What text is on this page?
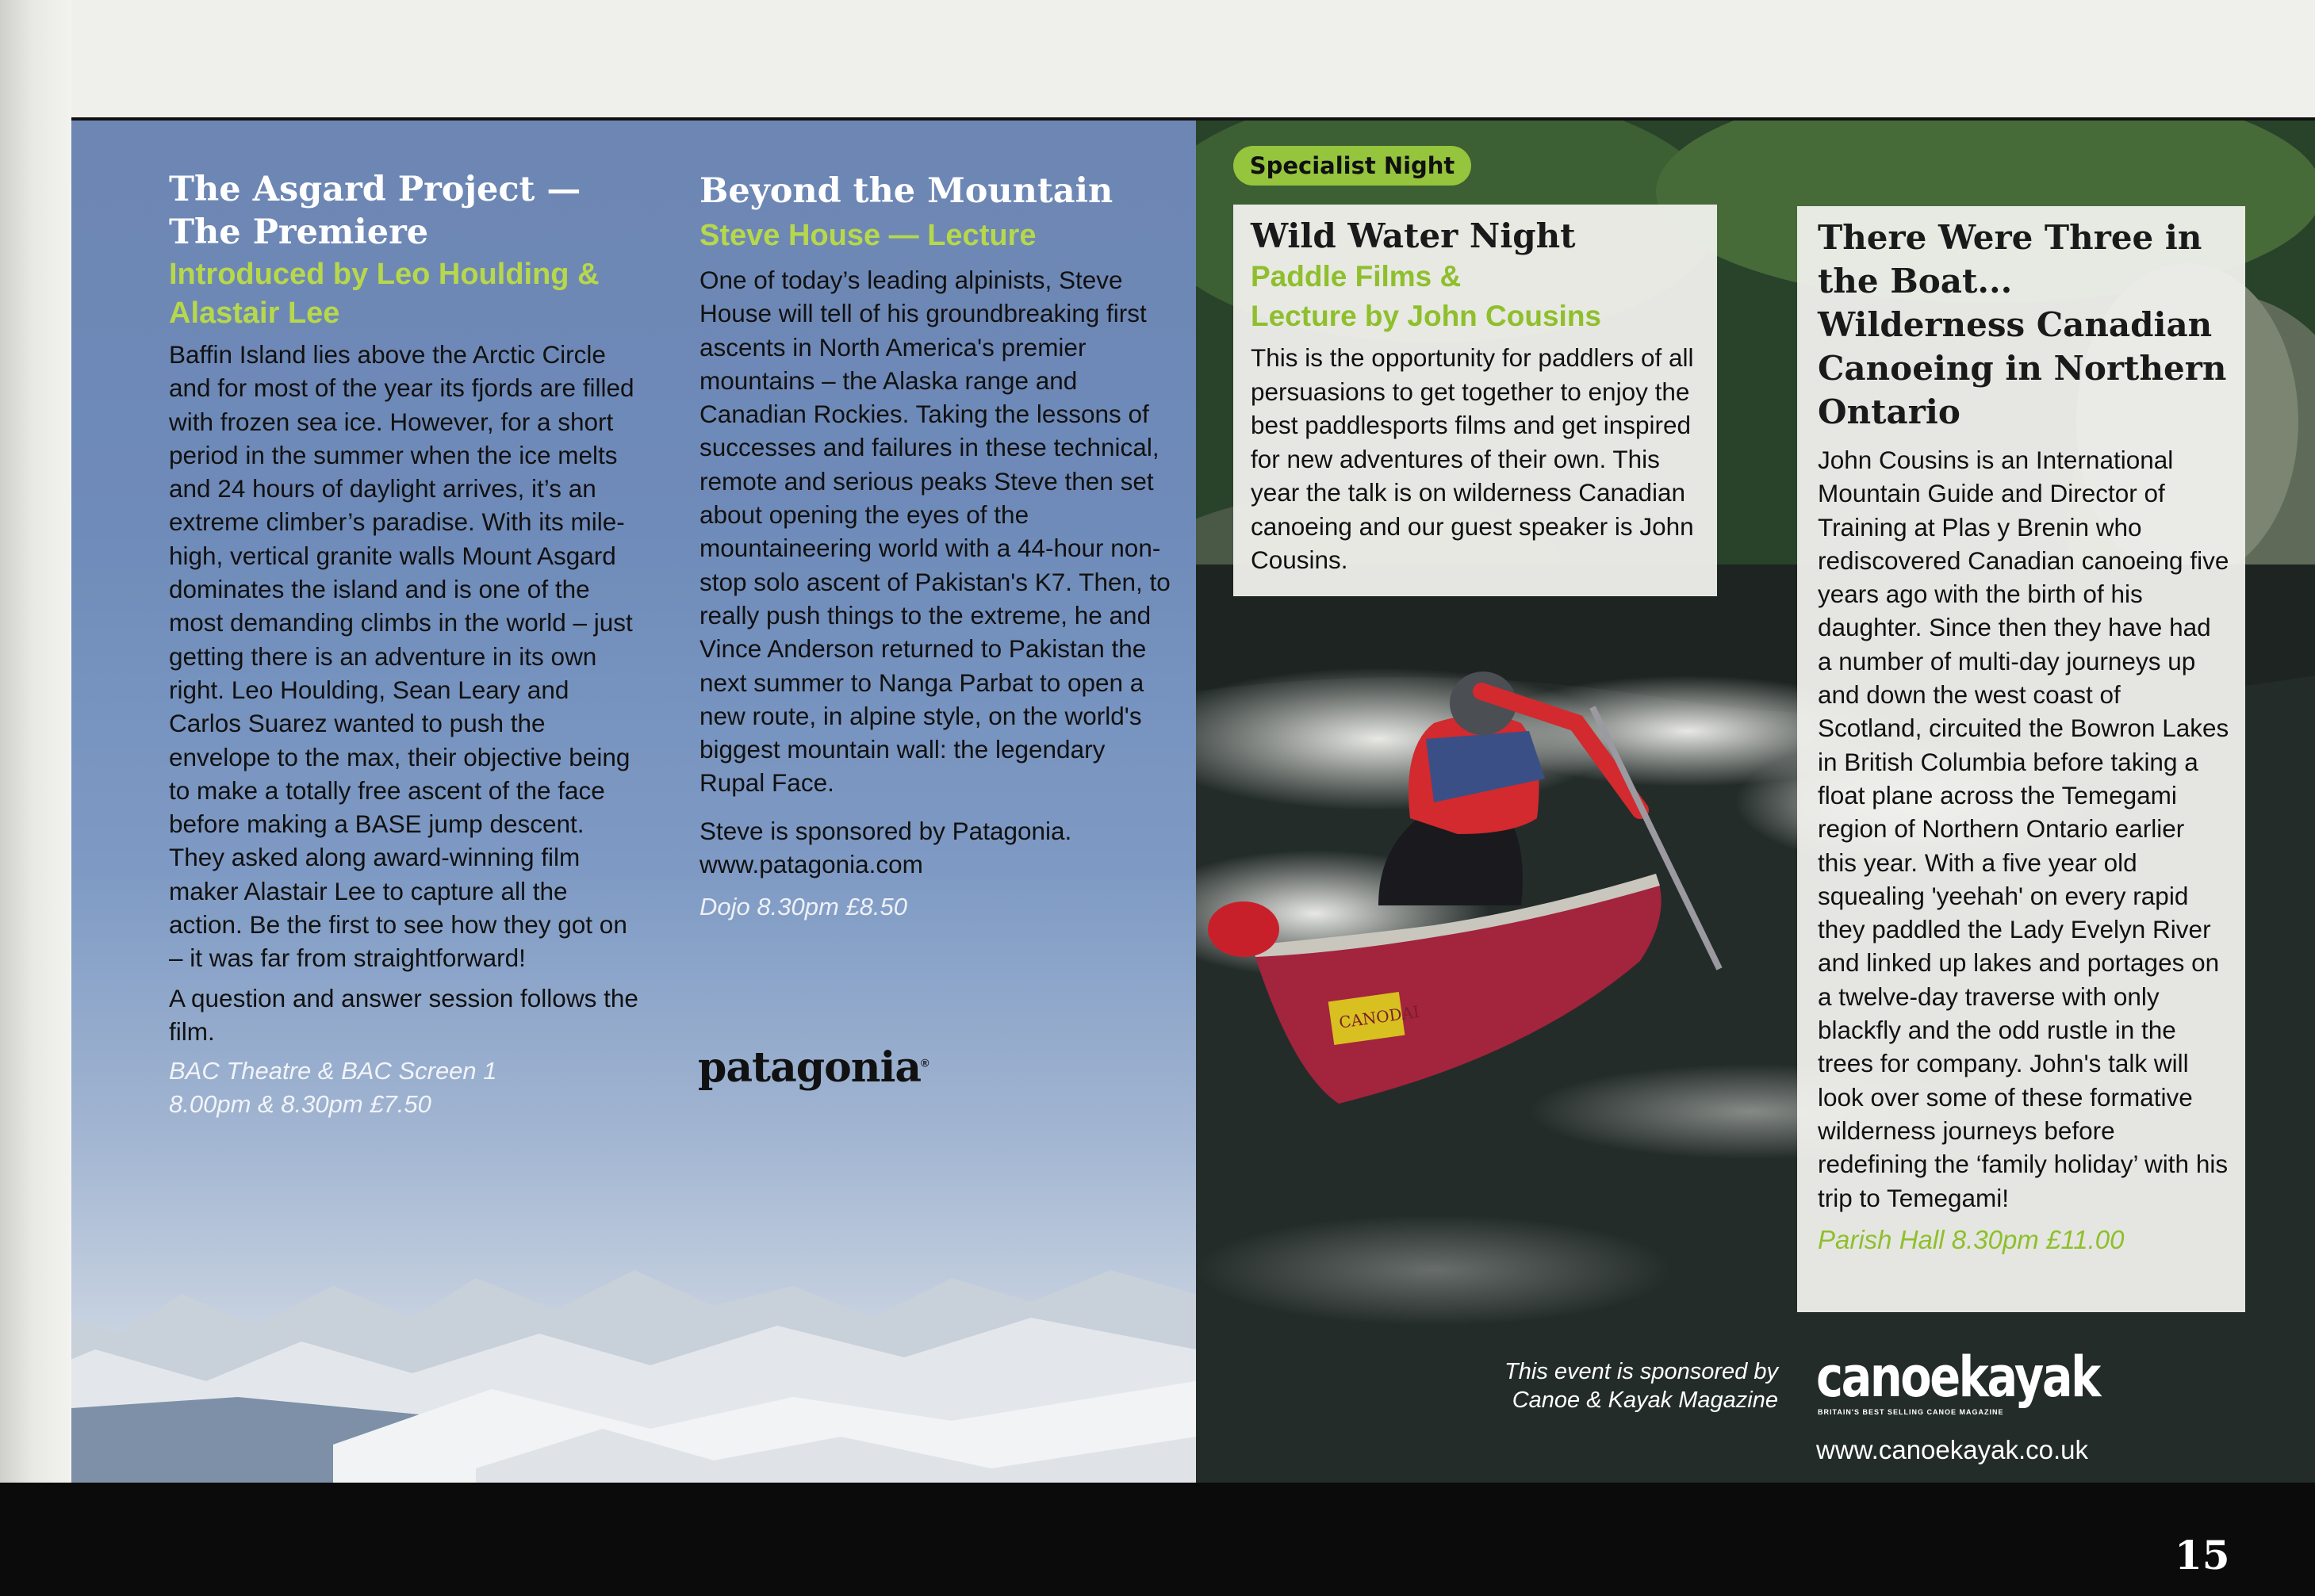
The Asgard Project — The Premiere

Introduced by Leo Houlding & Alastair Lee

Baffin Island lies above the Arctic Circle and for most of the year its fjords are filled with frozen sea ice. However, for a short period in the summer when the ice melts and 24 hours of daylight arrives, it’s an extreme climber’s paradise. With its mile-high, vertical granite walls Mount Asgard dominates the island and is one of the most demanding climbs in the world – just getting there is an adventure in its own right. Leo Houlding, Sean Leary and Carlos Suarez wanted to push the envelope to the max, their objective being to make a totally free ascent of the face before making a BASE jump descent. They asked along award-winning film maker Alastair Lee to capture all the action. Be the first to see how they got on – it was far from straightforward!

A question and answer session follows the film.

BAC Theatre & BAC Screen 1
8.00pm & 8.30pm £7.50

Beyond the Mountain

Steve House — Lecture

One of today’s leading alpinists, Steve House will tell of his groundbreaking first ascents in North America's premier mountains – the Alaska range and Canadian Rockies. Taking the lessons of successes and failures in these technical, remote and serious peaks Steve then set about opening the eyes of the mountaineering world with a 44-hour non-stop solo ascent of Pakistan's K7. Then, to really push things to the extreme, he and Vince Anderson returned to Pakistan the next summer to Nanga Parbat to open a new route, in alpine style, on the world's biggest mountain wall: the legendary Rupal Face.

Steve is sponsored by Patagonia. www.patagonia.com

Dojo 8.30pm £8.50

patagonia®
CANODAI
Specialist Night
Wild Water Night

Paddle Films &

Lecture by John Cousins

This is the opportunity for paddlers of all persuasions to get together to enjoy the best paddlesports films and get inspired for new adventures of their own. This year the talk is on wilderness Canadian canoeing and our guest speaker is John Cousins.

There Were Three in the Boat... Wilderness Canadian Canoeing in Northern Ontario

John Cousins is an International Mountain Guide and Director of Training at Plas y Brenin who rediscovered Canadian canoeing five years ago with the birth of his daughter. Since then they have had a number of multi-day journeys up and down the west coast of Scotland, circuited the Bowron Lakes in British Columbia before taking a float plane across the Temegami region of Northern Ontario earlier this year. With a five year old squealing 'yeehah' on every rapid they paddled the Lady Evelyn River and linked up lakes and portages on a twelve-day traverse with only blackfly and the odd rustle in the trees for company. John's talk will look over some of these formative wilderness journeys before redefining the ‘family holiday’ with his trip to Temegami!

Parish Hall 8.30pm £11.00

This event is sponsored by Canoe & Kayak Magazine canoekayak
BRITAIN'S BEST SELLING CANOE MAGAZINE
www.canoekayak.co.uk
15
